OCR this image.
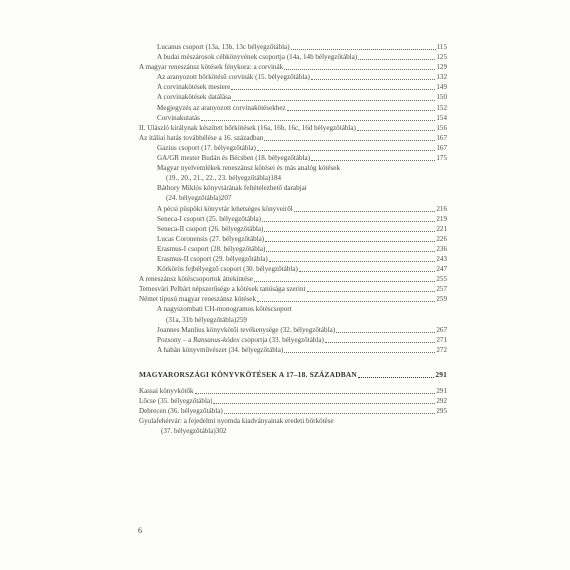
Lucanus csoport (13a, 13b, 13c bélyegzőtábla)	115
A budai mészárosok céhkönyvének csoportja (14a, 14b bélyegzőtábla)	125
A magyar reneszánsz kötések fénykora: a corvinák	129
Az aranyozott bőrkötésű corvinák (15. bélyegzőtábla)	132
A corvinakötések mestere	149
A corvinakötések datálása	150
Megjegyzés az aranyozott corvinakötésekhez	152
Corvinakutatás	154
II. Ulászló királynak készített bőrkötések (16a, 16b, 16c, 16d bélyegzőtábla)	156
Az itáliai hatás továbbélése a 16. században	167
Gazius csoport (17. bélyegzőtábla)	167
GA/GR mester Budán és Bécsben (18. bélyegzőtábla)	175
Magyar nyelvemlékek reneszánsz kötései és más analóg kötések
(19., 20., 21., 22., 23. bélyegzőtábla) 184
Báthory Miklós könyvtárának feltételezhető darabjai
(24. bélyegzőtábla) 207
A pécsi püspöki könyvtár lehetséges könyveiről	216
Seneca-I csoport (25. bélyegzőtábla)	219
Seneca-II csoport (26. bélyegzőtábla)	221
Lucas Coronensis (27. bélyegzőtábla)	226
Erasmus-I csoport (28. bélyegzőtábla)	236
Erasmus-II csoport (29. bélyegzőtábla)	243
Körkörös fejbélyegző csoport (30. bélyegzőtábla)	247
A reneszánsz kötéscsoportok áttekintése	255
Temesvári Pelbárt népszerűsége a kötések tanúsága szerint	257
Német típusú magyar reneszánsz kötések	259
A nagyszombati CH-monogramos kötéscsoport
(31a, 31b bélyegzőtábla) 259
Joannes Manlius könyvkötői tevékenysége (32. bélyegzőtábla)	267
Pozsony – a Ransanus-kódex csoportja (33. bélyegzőtábla)	271
A habán könyvművészet (34. bélyegzőtábla)	272
MAGYARORSZÁGI KÖNYVKÖTÉSEK A 17–18. SZÁZADBAN	291
Kassai könyvkötők	291
Lőcse (35. bélyegzőtábla)	292
Debrecen (36. bélyegzőtábla)	295
Gyulafehérvár: a fejedelmi nyomda kiadványainak eredeti bőrkötése
(37. bélyegzőtábla) 302
6
